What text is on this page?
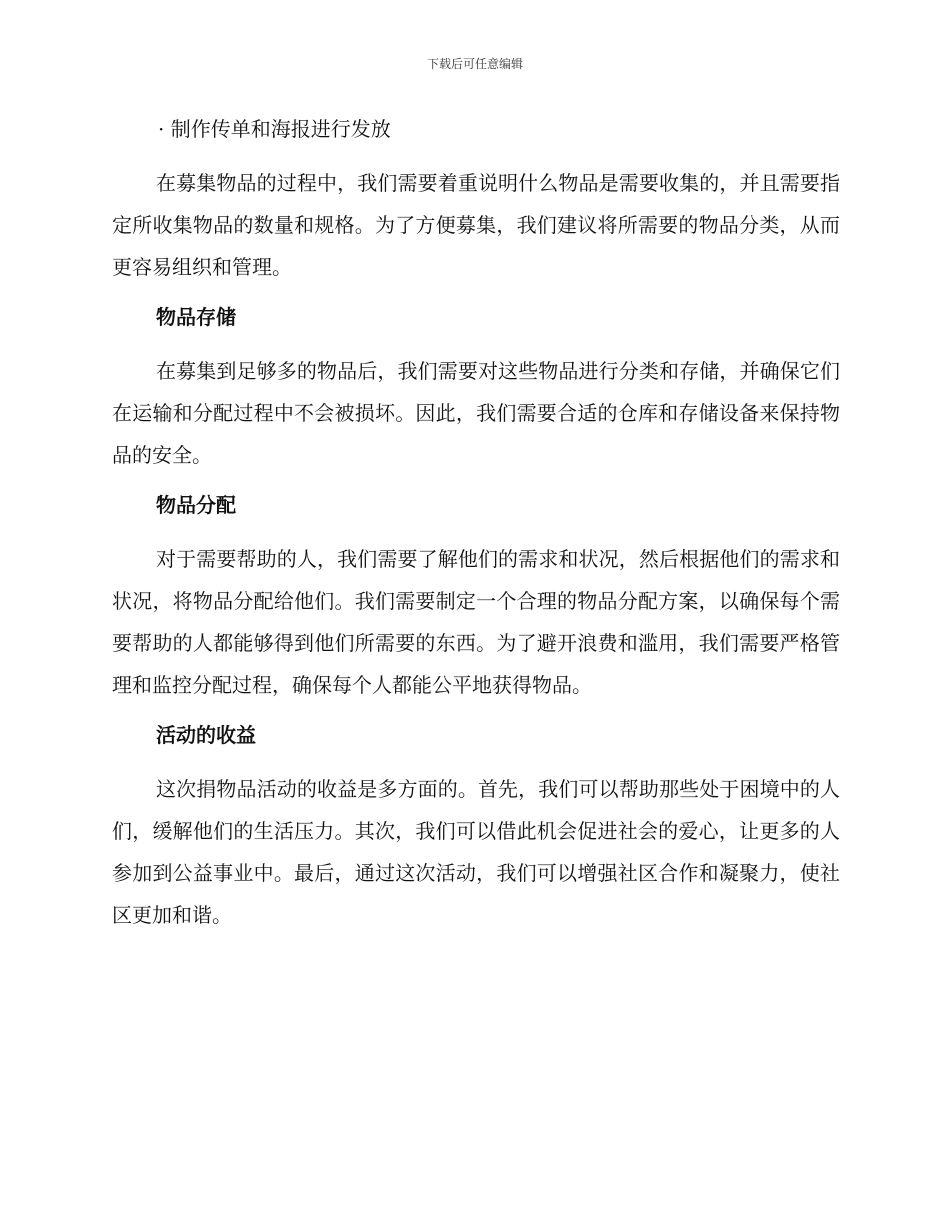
下载后可任意编辑

· 制作传单和海报进行发放

在募集物品的过程中，我们需要着重说明什么物品是需要收集的，并且需要指定所收集物品的数量和规格。为了方便募集，我们建议将所需要的物品分类，从而更容易组织和管理。

物品存储

在募集到足够多的物品后，我们需要对这些物品进行分类和存储，并确保它们在运输和分配过程中不会被损坏。因此，我们需要合适的仓库和存储设备来保持物品的安全。

物品分配

对于需要帮助的人，我们需要了解他们的需求和状况，然后根据他们的需求和状况，将物品分配给他们。我们需要制定一个合理的物品分配方案，以确保每个需要帮助的人都能够得到他们所需要的东西。为了避开浪费和滥用，我们需要严格管理和监控分配过程，确保每个人都能公平地获得物品。

活动的收益

这次捐物品活动的收益是多方面的。首先，我们可以帮助那些处于困境中的人们，缓解他们的生活压力。其次，我们可以借此机会促进社会的爱心，让更多的人参加到公益事业中。最后，通过这次活动，我们可以增强社区合作和凝聚力，使社区更加和谐。
